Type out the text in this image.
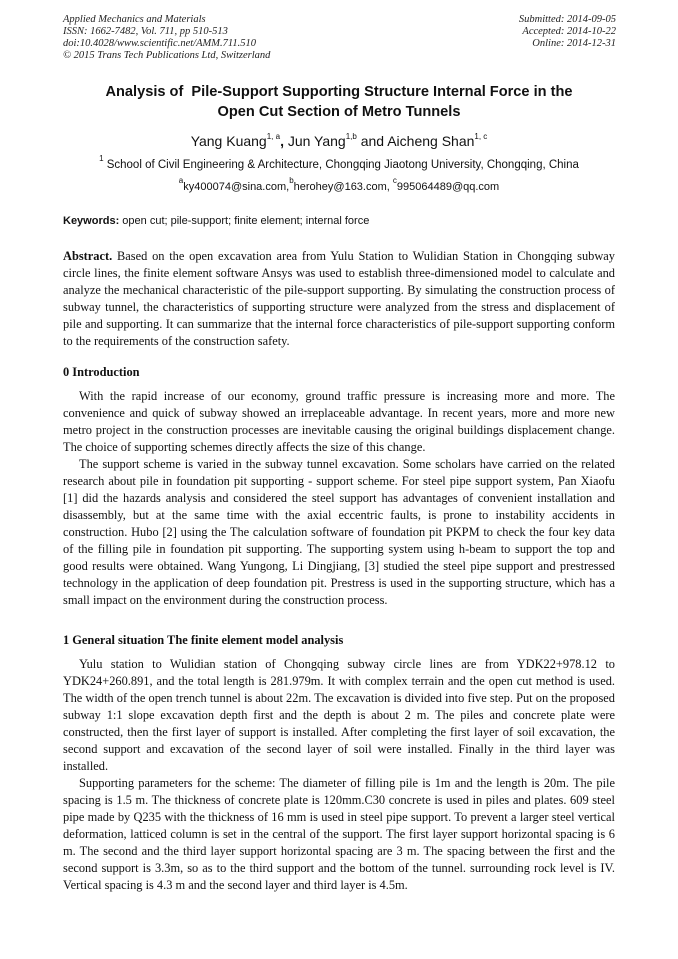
Applied Mechanics and Materials
ISSN: 1662-7482, Vol. 711, pp 510-513
doi:10.4028/www.scientific.net/AMM.711.510
© 2015 Trans Tech Publications Ltd, Switzerland
Submitted: 2014-09-05
Accepted: 2014-10-22
Online: 2014-12-31
Analysis of  Pile-Support Supporting Structure Internal Force in the
Open Cut Section of Metro Tunnels
Yang Kuang$^{1, a}$, Jun Yang$^{1,b}$ and Aicheng Shan$^{1, c}$
$^1$ School of Civil Engineering & Architecture, Chongqing Jiaotong University, Chongqing, China
$^a$ky400074@sina.com,$^b$herohey@163.com, $^c$995064489@qq.com
Keywords: open cut; pile-support; finite element; internal force
Abstract. Based on the open excavation area from Yulu Station to Wulidian Station in Chongqing subway circle lines, the finite element software Ansys was used to establish three-dimensioned model to calculate and analyze the mechanical characteristic of the pile-support supporting. By simulating the construction process of subway tunnel, the characteristics of supporting structure were analyzed from the stress and displacement of pile and supporting. It can summarize that the internal force characteristics of pile-support supporting conform to the requirements of the construction safety.
0 Introduction

With the rapid increase of our economy, ground traffic pressure is increasing more and more. The convenience and quick of subway showed an irreplaceable advantage. In recent years, more and more new metro project in the construction processes are inevitable causing the original buildings displacement change. The choice of supporting schemes directly affects the size of this change.

The support scheme is varied in the subway tunnel excavation. Some scholars have carried on the related research about pile in foundation pit supporting - support scheme. For steel pipe support system, Pan Xiaofu [1] did the hazards analysis and considered the steel support has advantages of convenient installation and disassembly, but at the same time with the axial eccentric faults, is prone to instability accidents in construction. Hubo [2] using the The calculation software of foundation pit PKPM to check the four key data of the filling pile in foundation pit supporting. The supporting system using h-beam to support the top and good results were obtained. Wang Yungong, Li Dingjiang, [3] studied the steel pipe support and prestressed technology in the application of deep foundation pit. Prestress is used in the supporting structure, which has a small impact on the environment during the construction process.

1 General situation The finite element model analysis

Yulu station to Wulidian station of Chongqing subway circle lines are from YDK22+978.12 to YDK24+260.891, and the total length is 281.979m. It with complex terrain and the open cut method is used. The width of the open trench tunnel is about 22m. The excavation is divided into five step. Put on the proposed subway 1:1 slope excavation depth first and the depth is about 2 m. The piles and concrete plate were constructed, then the first layer of support is installed. After completing the first layer of soil excavation, the second support and excavation of the second layer of soil were installed. Finally in the third layer was installed.

Supporting parameters for the scheme: The diameter of filling pile is 1m and the length is 20m. The pile spacing is 1.5 m. The thickness of concrete plate is 120mm.C30 concrete is used in piles and plates. 609 steel pipe made by Q235 with the thickness of 16 mm is used in steel pipe support. To prevent a larger steel vertical deformation, latticed column is set in the central of the support. The first layer support horizontal spacing is 6 m. The second and the third layer support horizontal spacing are 3 m. The spacing between the first and the second support is 3.3m, so as to the third support and the bottom of the tunnel. surrounding rock level is IV. Vertical spacing is 4.3 m and the second layer and third layer is 4.5m.
